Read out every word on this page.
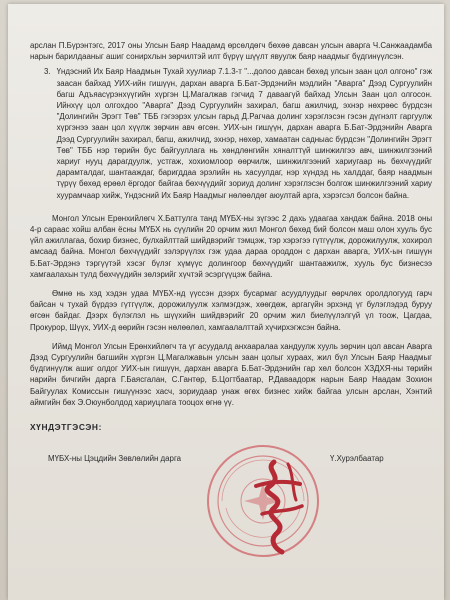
арслан П.Бүрэнтэгс, 2017 оны Улсын Баяр Наадамд өрсөлдөгч бөхөө давсан улсын аварга Ч.Санжаадамба нарын барилдааныг ашиг сонирхлын зөрчилтэй илт бүрүү шүүлт явуулж баяр наадмыг бүдгинүүлсэн.

3. Үндэсний Их Баяр Наадмын Тухай хуулиар 7.1.3-т "...долоо давсан бөхөд улсын заан цол олгоно" гэж заасан байхад УИХ-ийн гишүүн, дархан аварга Б.Бат-Эрдэнийн мэдлийн "Аварга" Дээд Сургуулийн багш Адъяасүрэнхүүгийн хүргэн Ц.Магалжав гэгчид 7 даваагүй байхад Улсын Заан цол олгосон. Ийнхүү цол олгохдоо "Аварга" Дээд Сургуулийн захирал, багш ажилчид, эхнэр нөхрөөс бүрдсэн "Долингийн Эрэгт Төв" ТББ гэгээрэх улсын гарьд Д.Рагчаа долинг хэрэглэсэн гэсэн дүгнэлт гаргуулж хүргэнээ заан цол хүүлж зөрчин авч өгсөн. УИХ-ын гишүүн, дархан аварга Б.Бат-Эрдэнийн Аварга Дээд Сургуулийн захирал, багш, ажилчид, эхнэр, нөхөр, хамаатан садныас бүрдсэн "Долингийн Эрэгт Төв" ТББ нэр төрийн бус байгууллага нь хөндлөнгийн хяналттүй шинжилгээ авч, шинжилгээний хариуг нууц дарагдуулж, устгаж, хохиомлоор өөрчилж, шинжилгээний хариугаар нь бөхчүүдийг дарамталдаг, шантааждаг, баригддаа эрэлийн нь хасуулдаг, нэр хүндэд нь халддаг, баяр наадмын түрүү бөхөд ерөөл ёргодог байгаа бөхчүүдийг зориуд долинг хэрэглэсэн болгож шинжилгээний хариу хуурамчаар хийж, Үндэсний Их Баяр Наадмыг нөлөөлдөг аюултай арга, хэрэгсэл болсон байна.

Монгол Улсын Ерөнхийлөгч Х.Баттулга танд МҮБХ-ны зүгээс 2 дахь удаагаа хандаж байна. 2018 оны 4-р сараас хойш албан ёсны МҮБХ нь сүүлийн 20 орчим жил Монгол бөхөд бий болсон маш олон хууль бус үйл ажиллагаа, бохир бизнес, булхайлттай шийдвэрийг тэмцэж, тэр хэрэгээ гүтгүүлж, дорожилуулж, хохирол амсаад байна. Монгол бөхчүүдийг зэлэрүүлэх гэж удаа дараа ороддон с дархан аварга, УИХ-ын гишүүн Б.Бат-Эрдэнэ тэргүүтэй хэсэг бүлэг хүмүүс долингоор бөхчүүдийг шантаажилж, хууль бус бизнесээ хамгаалахын тулд бөхчүүдийн зөлэрийг хүчтэй эсэргүүцэж байна.

Өмнө нь хэд хэдэн удаа МҮБХ-нд үүссэн дээрх бусармаг асуудлуудыг өөрчлөх оролдлогууд гарч байсан ч тухай бүрдээ гүтгүүлж, дорожилуулж хэлмэгдэж, хөөгдөж, аргагүйн эрхэнд үг булэглэдэд буруу өгсөн байдаг. Дээрх бүлэглэл нь шүүхийн шийдвэрийг 20 орчим жил биелүүлэлгүй үл тоож, Цагдаа, Прокурор, Шүүх, УИХ-д өөрийн гэсэн нөлөөлөл, хамгаалалттай хүчирхэгжсэн байна.

Иймд Монгол Улсын Ерөнхийлөгч та үг асуудалд анхааралаа хандуулж хууль зөрчин цол авсан Аварга Дээд Сургуулийн багшийн хүргэн Ц.Магалжавын улсын заан цолыг хураах, жил бүл Улсын Баяр Наадмыг бүдгинүүлж ашиг олдог УИХ-ын гишүүн, дархан аварга Б.Бат-Эрдэнийн гар хөл болсон ХЗДХЯ-ны төрийн нарийн бичгийн дарга Г.Баясгалан, С.Гантөр, Б.Цогтбаатар, Р.Даваадорж нарын Баяр Наадам Зохион Байгуулах Комиссын гишүүнээс хасч, зориудаар унаж өгөх бизнес хийж байгаа улсын арслан, Хэнтий аймгийн бөх Э.Оюунболдод хариуцлага тооцох өгнө үү.

ХҮНДЭТГЭСЭН:
МҮБХ-ны Цэцдийн Зөвлөлийн дарга	Ү.Хурэлбаатар
